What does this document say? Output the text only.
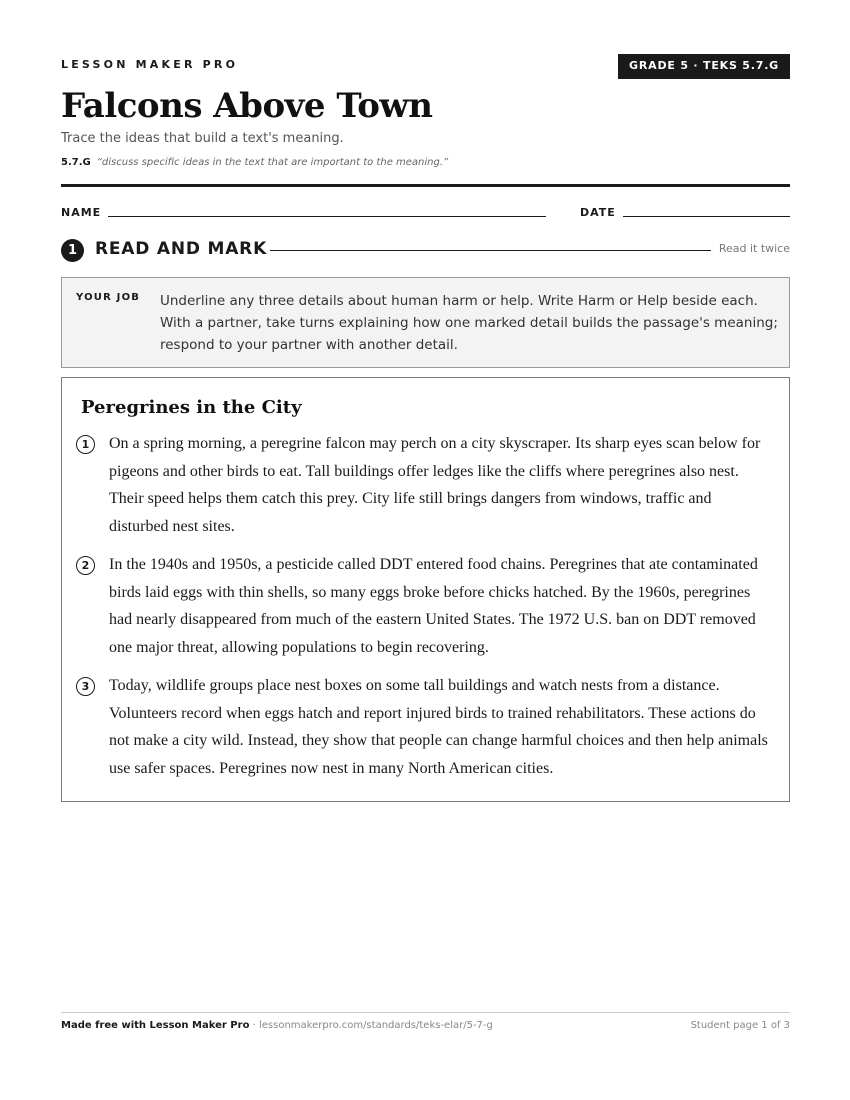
LESSON MAKER PRO	GRADE 5 · TEKS 5.7.G
Falcons Above Town
Trace the ideas that build a text's meaning.
5.7.G “discuss specific ideas in the text that are important to the meaning.”
NAME	DATE
1	READ AND MARK	Read it twice
YOUR JOB Underline any three details about human harm or help. Write Harm or Help beside each. With a partner, take turns explaining how one marked detail builds the passage's meaning; respond to your partner with another detail.
Peregrines in the City
1	On a spring morning, a peregrine falcon may perch on a city skyscraper. Its sharp eyes scan below for pigeons and other birds to eat. Tall buildings offer ledges like the cliffs where peregrines also nest. Their speed helps them catch this prey. City life still brings dangers from windows, traffic and disturbed nest sites.
2	In the 1940s and 1950s, a pesticide called DDT entered food chains. Peregrines that ate contaminated birds laid eggs with thin shells, so many eggs broke before chicks hatched. By the 1960s, peregrines had nearly disappeared from much of the eastern United States. The 1972 U.S. ban on DDT removed one major threat, allowing populations to begin recovering.
3	Today, wildlife groups place nest boxes on some tall buildings and watch nests from a distance. Volunteers record when eggs hatch and report injured birds to trained rehabilitators. These actions do not make a city wild. Instead, they show that people can change harmful choices and then help animals use safer spaces. Peregrines now nest in many North American cities.
Made free with Lesson Maker Pro · lessonmakerpro.com/standards/teks-elar/5-7-g	Student page 1 of 3
